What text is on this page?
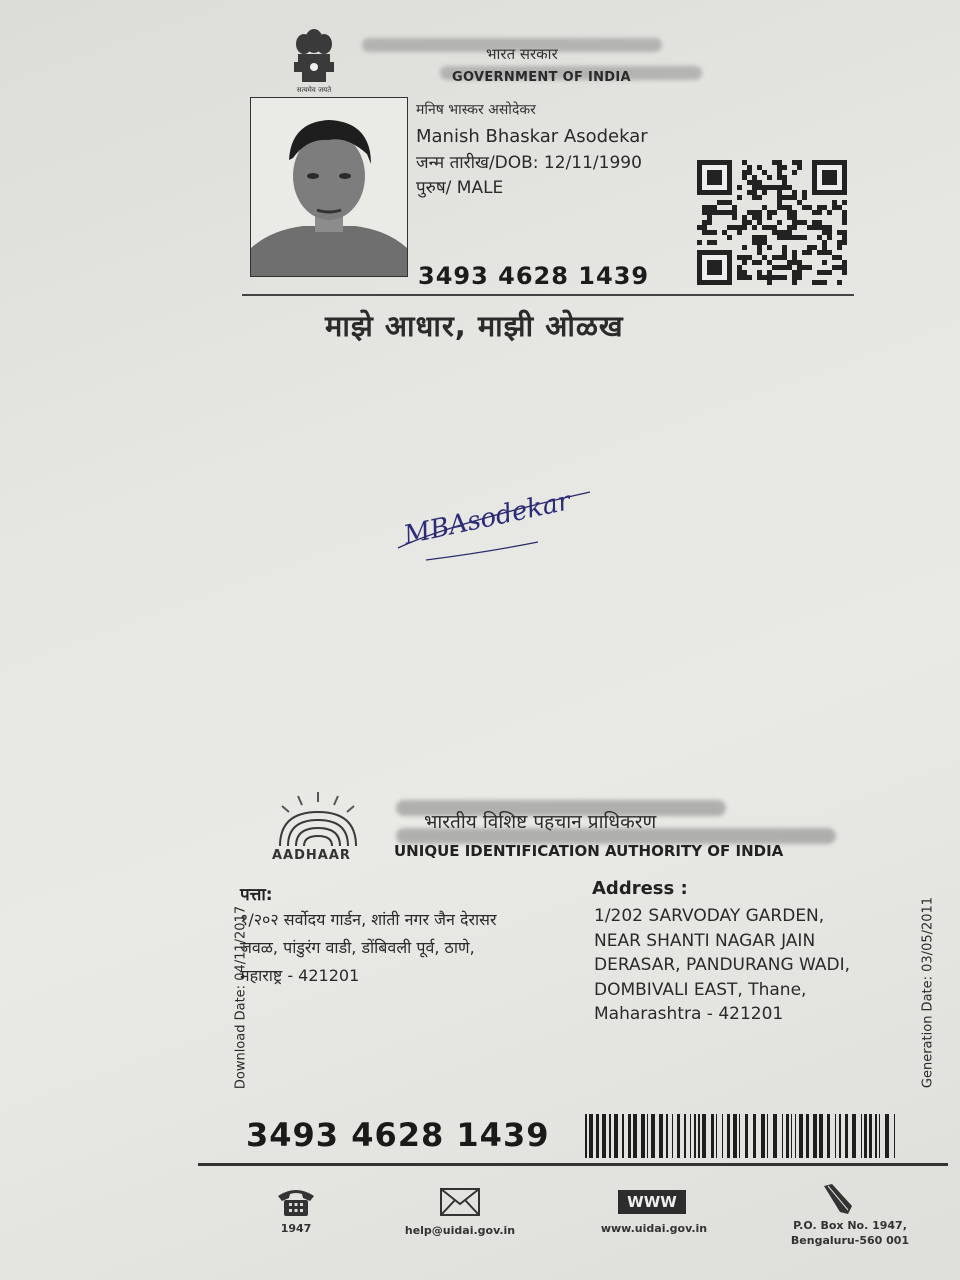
सत्यमेव जयते
भारत सरकार
GOVERNMENT OF INDIA
मनिष भास्कर असोदेकर
Manish Bhaskar Asodekar
जन्म तारीख/DOB: 12/11/1990
पुरुष/ MALE
3493 4628 1439
माझे आधार, माझी ओळख
MBAsodekar
AADHAAR
भारतीय विशिष्ट पहचान प्राधिकरण
UNIQUE IDENTIFICATION AUTHORITY OF INDIA
Download Date: 04/11/2017	Generation Date: 03/05/2011
पत्ता:
१/२०२ सर्वोदय गार्डन, शांती नगर जैन देरासर
जवळ, पांडुरंग वाडी, डोंबिवली पूर्व, ठाणे,
महाराष्ट्र - 421201
Address :
1/202 SARVODAY GARDEN,
NEAR SHANTI NAGAR JAIN
DERASAR, PANDURANG WADI,
DOMBIVALI EAST, Thane,
Maharashtra - 421201
3493 4628 1439
1947	help@uidai.gov.in
WWW
www.uidai.gov.in	P.O. Box No. 1947,
Bengaluru-560 001
